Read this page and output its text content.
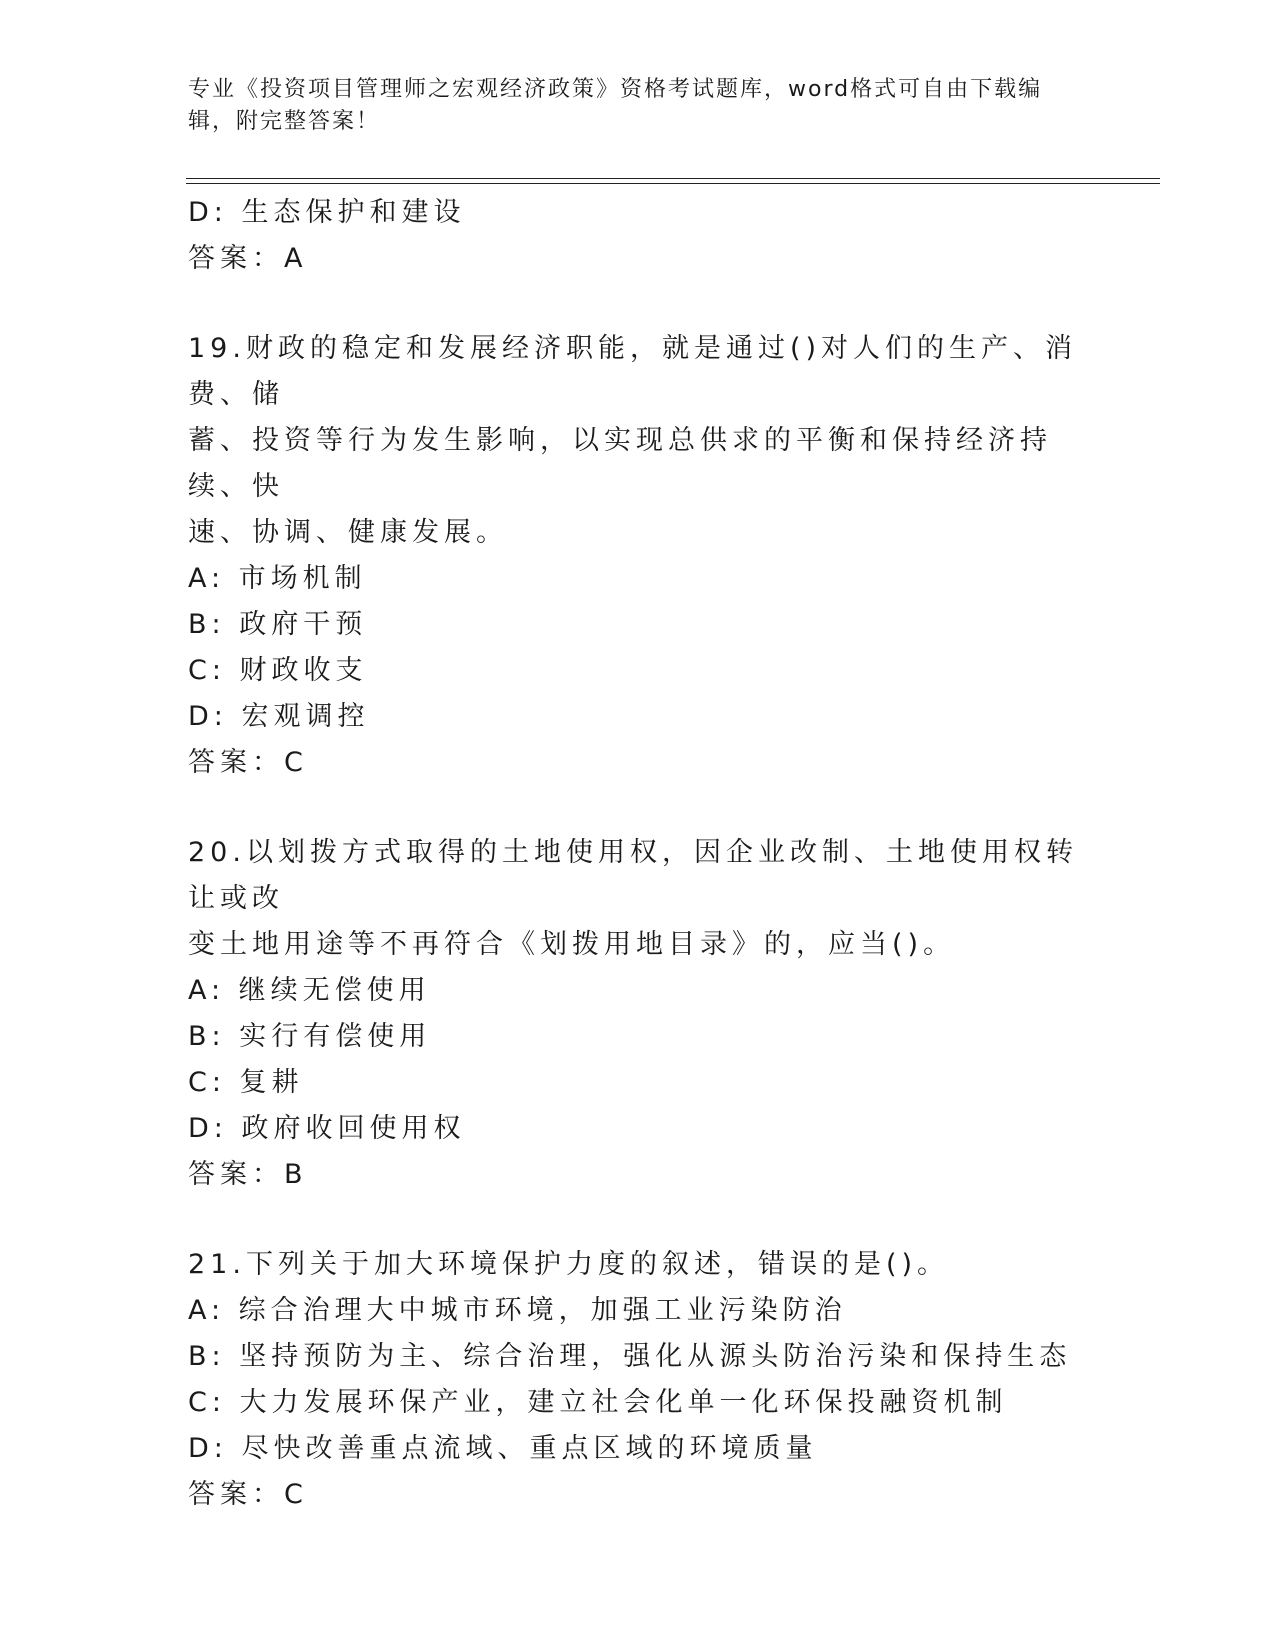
专业《投资项目管理师之宏观经济政策》资格考试题库，word格式可自由下载编辑，附完整答案！
D: 生态保护和建设
答案：A
19.财政的稳定和发展经济职能，就是通过()对人们的生产、消费、储
蓄、投资等行为发生影响，以实现总供求的平衡和保持经济持续、快
速、协调、健康发展。
A: 市场机制
B: 政府干预
C: 财政收支
D: 宏观调控
答案：C
20.以划拨方式取得的土地使用权，因企业改制、土地使用权转让或改
变土地用途等不再符合《划拨用地目录》的，应当()。
A: 继续无偿使用
B: 实行有偿使用
C: 复耕
D: 政府收回使用权
答案：B
21.下列关于加大环境保护力度的叙述，错误的是()。
A: 综合治理大中城市环境，加强工业污染防治
B: 坚持预防为主、综合治理，强化从源头防治污染和保持生态
C: 大力发展环保产业，建立社会化单一化环保投融资机制
D: 尽快改善重点流域、重点区域的环境质量
答案：C
